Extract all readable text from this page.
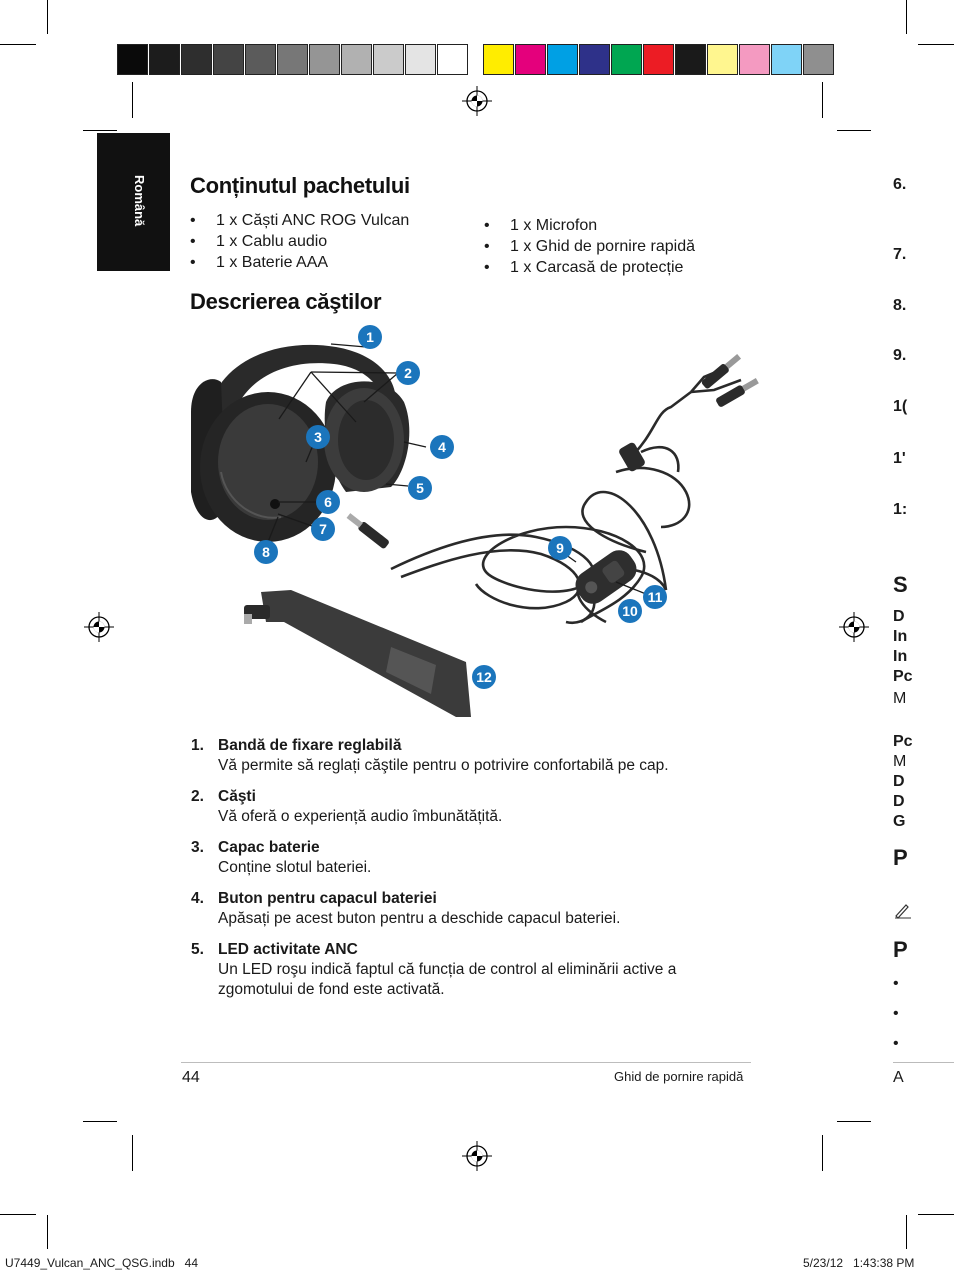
Română Conținutul pachetului
• 1 x Căști ANC ROG Vulcan
• 1 x Cablu audio
• 1 x Baterie AAA
• 1 x Microfon
• 1 x Ghid de pornire rapidă
• 1 x Carcasă de protecție
Descrierea căştilor
1
2
3
4
5
6
7
8	9
10
11
12
1. Bandă de fixare reglabilă
Vă permite să reglați căştile pentru o potrivire confortabilă pe cap.
2. Căşti
Vă oferă o experiență audio îmbunătățită.
3. Capac baterie
Conține slotul bateriei.
4. Buton pentru capacul bateriei
Apăsați pe acest buton pentru a deschide capacul bateriei.
5. LED activitate ANC
Un LED roşu indică faptul că funcția de control al eliminării active a zgomotului de fond este activată.
6.
7.
8.
9.
1(
1'
1:
S
D
In
In
Pc
M
Pc
M
D
D
G
P
P
•
•
•
A
44	Ghid de pornire rapidă
U7449_Vulcan_ANC_QSG.indb   44	5/23/12   1:43:38 PM
